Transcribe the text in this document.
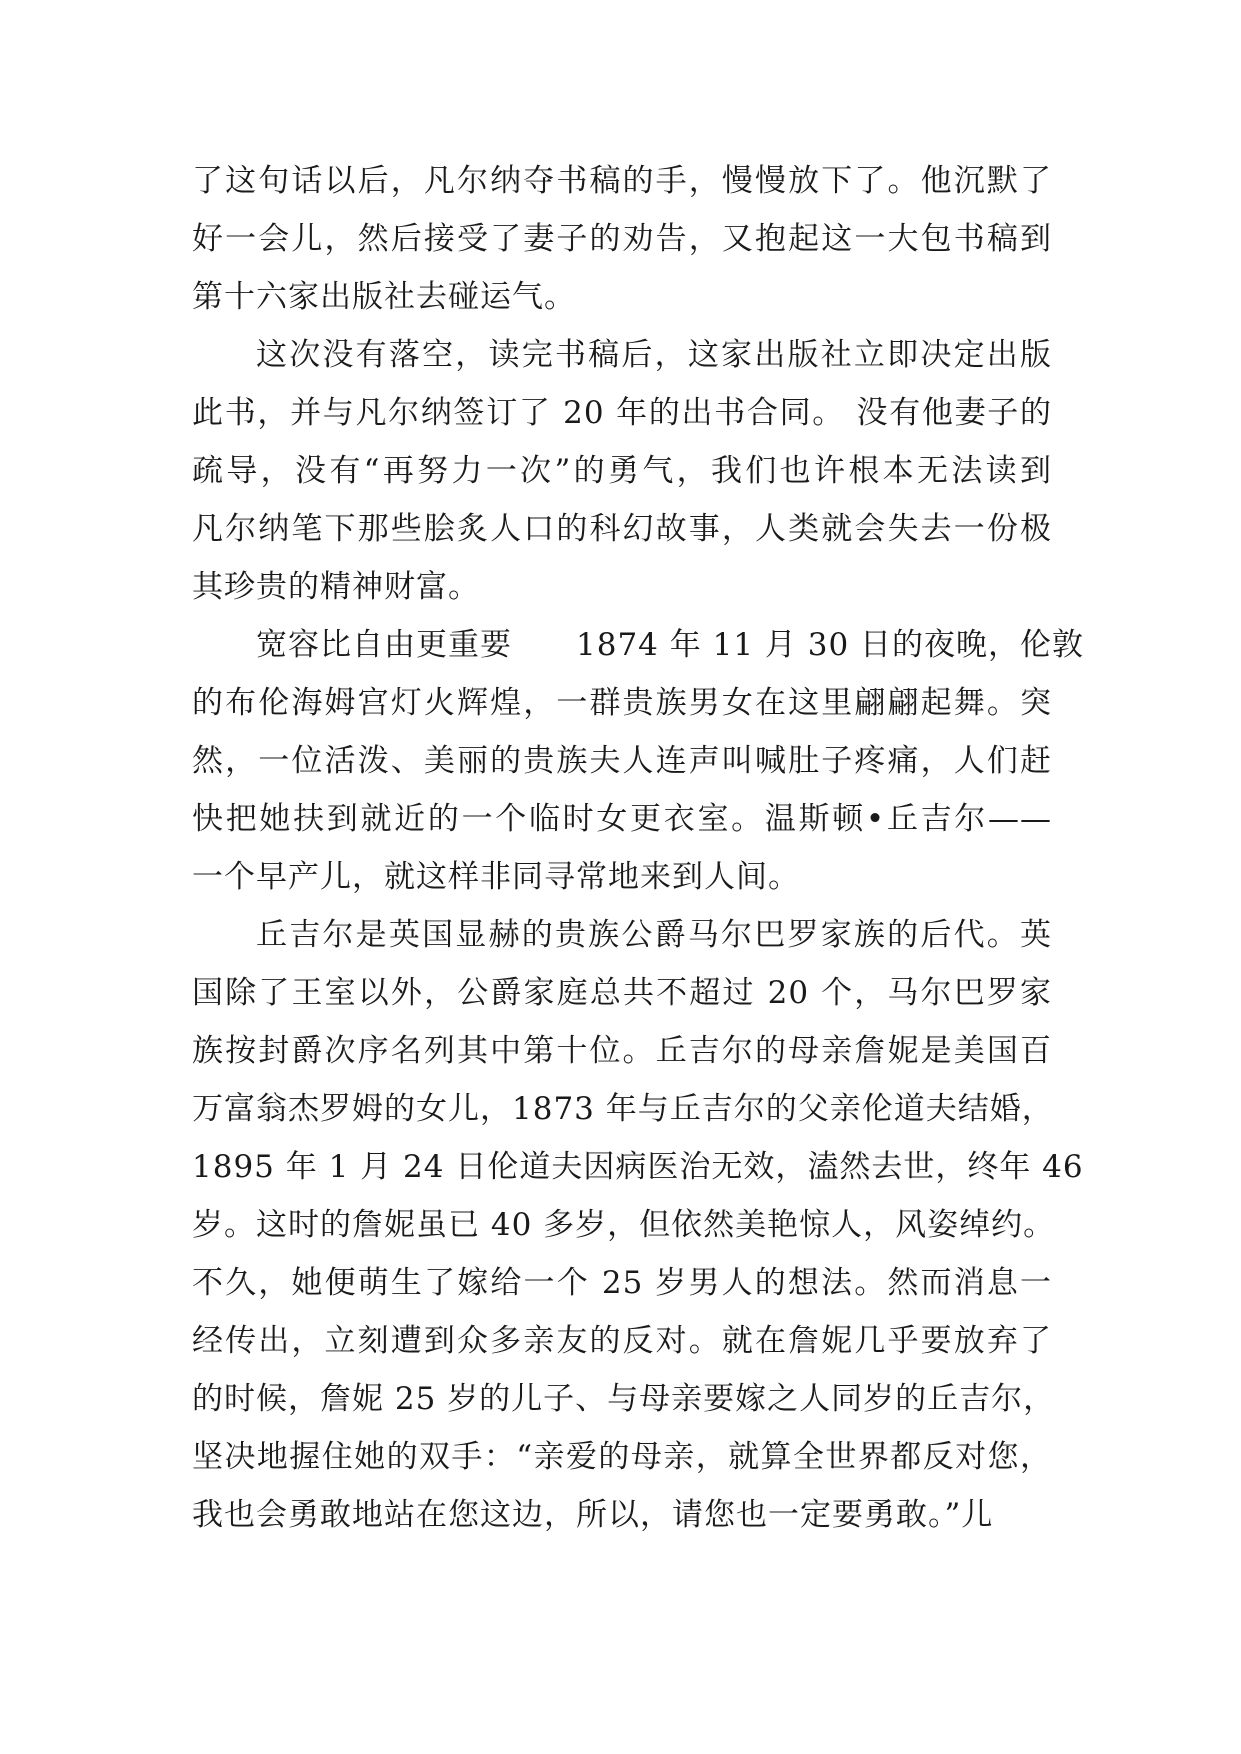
了这句话以后，凡尔纳夺书稿的手，慢慢放下了。他沉默了
好一会儿，然后接受了妻子的劝告，又抱起这一大包书稿到
第十六家出版社去碰运气。
这次没有落空，读完书稿后，这家出版社立即决定出版
此书，并与凡尔纳签订了 20 年的出书合同。 没有他妻子的
疏导，没有“再努力一次”的勇气，我们也许根本无法读到
凡尔纳笔下那些脍炙人口的科幻故事，人类就会失去一份极
其珍贵的精神财富。
宽容比自由更重要　　1874 年 11 月 30 日的夜晚，伦敦
的布伦海姆宫灯火辉煌，一群贵族男女在这里翩翩起舞。突
然，一位活泼、美丽的贵族夫人连声叫喊肚子疼痛，人们赶
快把她扶到就近的一个临时女更衣室。温斯顿•丘吉尔——
一个早产儿，就这样非同寻常地来到人间。
丘吉尔是英国显赫的贵族公爵马尔巴罗家族的后代。英
国除了王室以外，公爵家庭总共不超过 20 个，马尔巴罗家
族按封爵次序名列其中第十位。丘吉尔的母亲詹妮是美国百
万富翁杰罗姆的女儿，1873 年与丘吉尔的父亲伦道夫结婚，
1895 年 1 月 24 日伦道夫因病医治无效，溘然去世，终年 46
岁。这时的詹妮虽已 40 多岁，但依然美艳惊人，风姿绰约。
不久，她便萌生了嫁给一个 25 岁男人的想法。然而消息一
经传出，立刻遭到众多亲友的反对。就在詹妮几乎要放弃了
的时候，詹妮 25 岁的儿子、与母亲要嫁之人同岁的丘吉尔，
坚决地握住她的双手：“亲爱的母亲，就算全世界都反对您，
我也会勇敢地站在您这边，所以，请您也一定要勇敢。”儿
